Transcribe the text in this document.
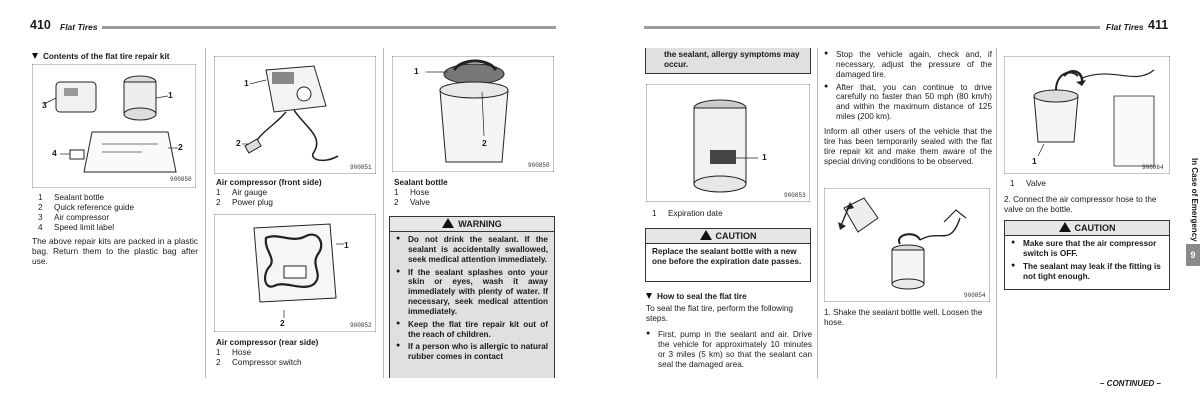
410 Flat Tires
Contents of the flat tire repair kit
1
2
3
4
900850
1	Sealant bottle
2	Quick reference guide
3	Air compressor
4	Speed limit label

The above repair kits are packed in a plastic bag. Return them to the plastic bag after use.

1
2
900851
Air compressor (front side)
1	Air gauge
2	Power plug
1
2	900852
Air compressor (rear side)
1	Hose
2	Compressor switch
1
2
900850
Sealant bottle
1	Hose
2	Valve
WARNING
● Do not drink the sealant. If the sealant is accidentally swallowed, seek medical attention immediately.
● If the sealant splashes onto your skin or eyes, wash it away immediately with plenty of water. If necessary, seek medical attention immediately.
● Keep the flat tire repair kit out of the reach of children.
● If a person who is allergic to natural rubber comes in contact
Flat Tires 411
the sealant, allergy symptoms may occur.
1
900853
1	Expiration date
CAUTION
Replace the sealant bottle with a new one before the expiration date passes.
How to seal the flat tire

To seal the flat tire, perform the following steps.

● First, pump in the sealant and air. Drive the vehicle for approximately 10 minutes or 3 miles (5 km) so that the sealant can seal the damaged area.
● Stop the vehicle again, check and, if necessary, adjust the pressure of the damaged tire.
● After that, you can continue to drive carefully no faster than 50 mph (80 km/h) and within the maximum distance of 125 miles (200 km).

Inform all other users of the vehicle that the tire has been temporarily sealed with the flat tire repair kit and make them aware of the special driving conditions to be observed.

900854

1. Shake the sealant bottle well. Loosen the hose.

1
900864
1	Valve

2. Connect the air compressor hose to the valve on the bottle.

CAUTION
● Make sure that the air compressor switch is OFF.
● The sealant may leak if the fitting is not tight enough.
In Case of Emergency
9
– CONTINUED –
